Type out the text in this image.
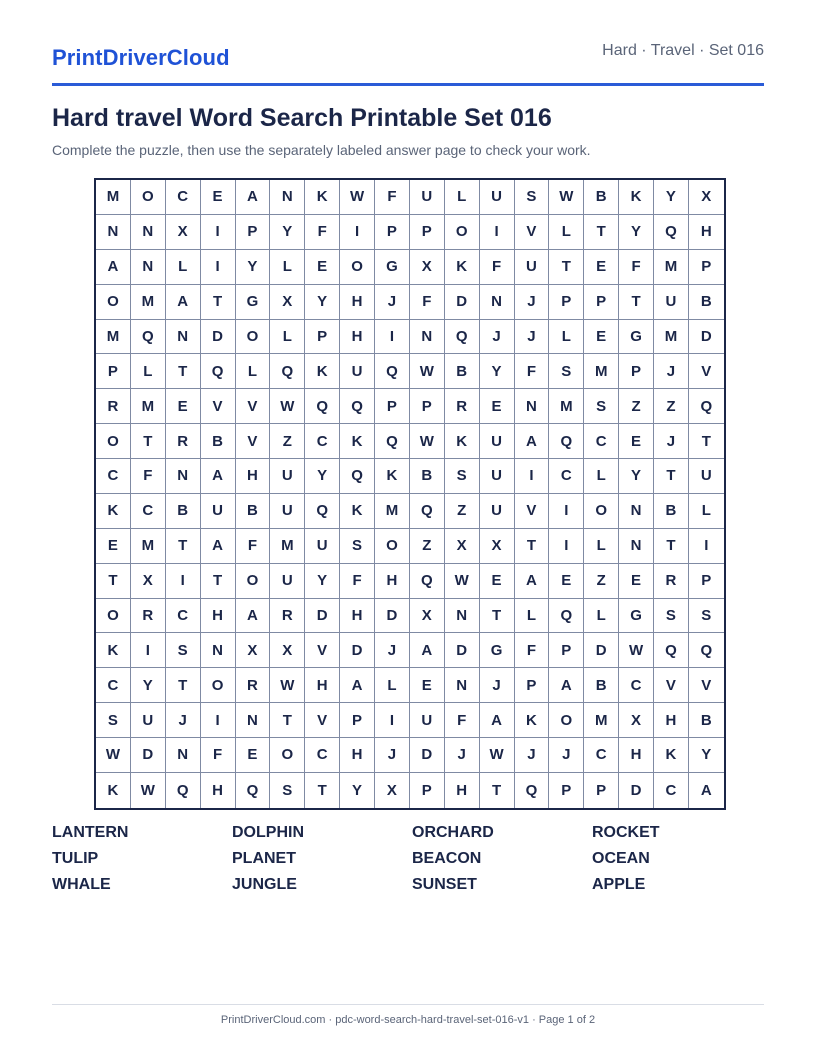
PrintDriverCloud	Hard · Travel · Set 016
Hard travel Word Search Printable Set 016

Complete the puzzle, then use the separately labeled answer page to check your work.

M	O	C	E	A	N	K	W	F	U	L	U	S	W	B	K	Y	X
N	N	X	I	P	Y	F	I	P	P	O	I	V	L	T	Y	Q	H
A	N	L	I	Y	L	E	O	G	X	K	F	U	T	E	F	M	P
O	M	A	T	G	X	Y	H	J	F	D	N	J	P	P	T	U	B
M	Q	N	D	O	L	P	H	I	N	Q	J	J	L	E	G	M	D
P	L	T	Q	L	Q	K	U	Q	W	B	Y	F	S	M	P	J	V
R	M	E	V	V	W	Q	Q	P	P	R	E	N	M	S	Z	Z	Q
O	T	R	B	V	Z	C	K	Q	W	K	U	A	Q	C	E	J	T
C	F	N	A	H	U	Y	Q	K	B	S	U	I	C	L	Y	T	U
K	C	B	U	B	U	Q	K	M	Q	Z	U	V	I	O	N	B	L
E	M	T	A	F	M	U	S	O	Z	X	X	T	I	L	N	T	I
T	X	I	T	O	U	Y	F	H	Q	W	E	A	E	Z	E	R	P
O	R	C	H	A	R	D	H	D	X	N	T	L	Q	L	G	S	S
K	I	S	N	X	X	V	D	J	A	D	G	F	P	D	W	Q	Q
C	Y	T	O	R	W	H	A	L	E	N	J	P	A	B	C	V	V
S	U	J	I	N	T	V	P	I	U	F	A	K	O	M	X	H	B
W	D	N	F	E	O	C	H	J	D	J	W	J	J	C	H	K	Y
K	W	Q	H	Q	S	T	Y	X	P	H	T	Q	P	P	D	C	A
LANTERN	DOLPHIN	ORCHARD	ROCKET
TULIP	PLANET	BEACON	OCEAN
WHALE	JUNGLE	SUNSET	APPLE
PrintDriverCloud.com · pdc-word-search-hard-travel-set-016-v1 · Page 1 of 2
